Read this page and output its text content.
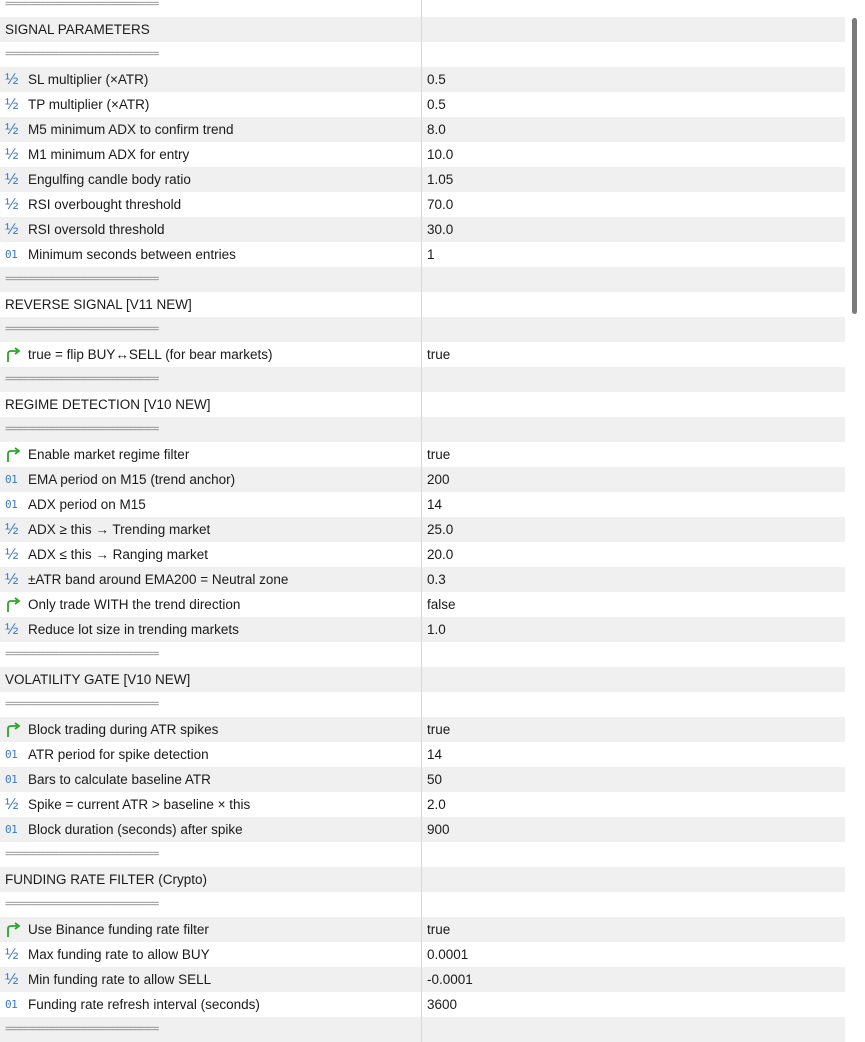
=================================
SIGNAL PARAMETERS
=================================
½ SL multiplier (×ATR)	0.5
½ TP multiplier (×ATR)	0.5
½ M5 minimum ADX to confirm trend	8.0
½ M1 minimum ADX for entry	10.0
½ Engulfing candle body ratio	1.05
½ RSI overbought threshold	70.0
½ RSI oversold threshold	30.0
01 Minimum seconds between entries	1
=================================
REVERSE SIGNAL [V11 NEW]
=================================
true = flip BUY↔SELL (for bear markets)	true
=================================
REGIME DETECTION [V10 NEW]
=================================
Enable market regime filter	true
01 EMA period on M15 (trend anchor)	200
01 ADX period on M15	14
½ ADX ≥ this → Trending market	25.0
½ ADX ≤ this → Ranging market	20.0
½ ±ATR band around EMA200 = Neutral zone	0.3
Only trade WITH the trend direction	false
½ Reduce lot size in trending markets	1.0
=================================
VOLATILITY GATE [V10 NEW]
=================================
Block trading during ATR spikes	true
01 ATR period for spike detection	14
01 Bars to calculate baseline ATR	50
½ Spike = current ATR > baseline × this	2.0
01 Block duration (seconds) after spike	900
=================================
FUNDING RATE FILTER (Crypto)
=================================
Use Binance funding rate filter	true
½ Max funding rate to allow BUY	0.0001
½ Min funding rate to allow SELL	-0.0001
01 Funding rate refresh interval (seconds)	3600
=================================
